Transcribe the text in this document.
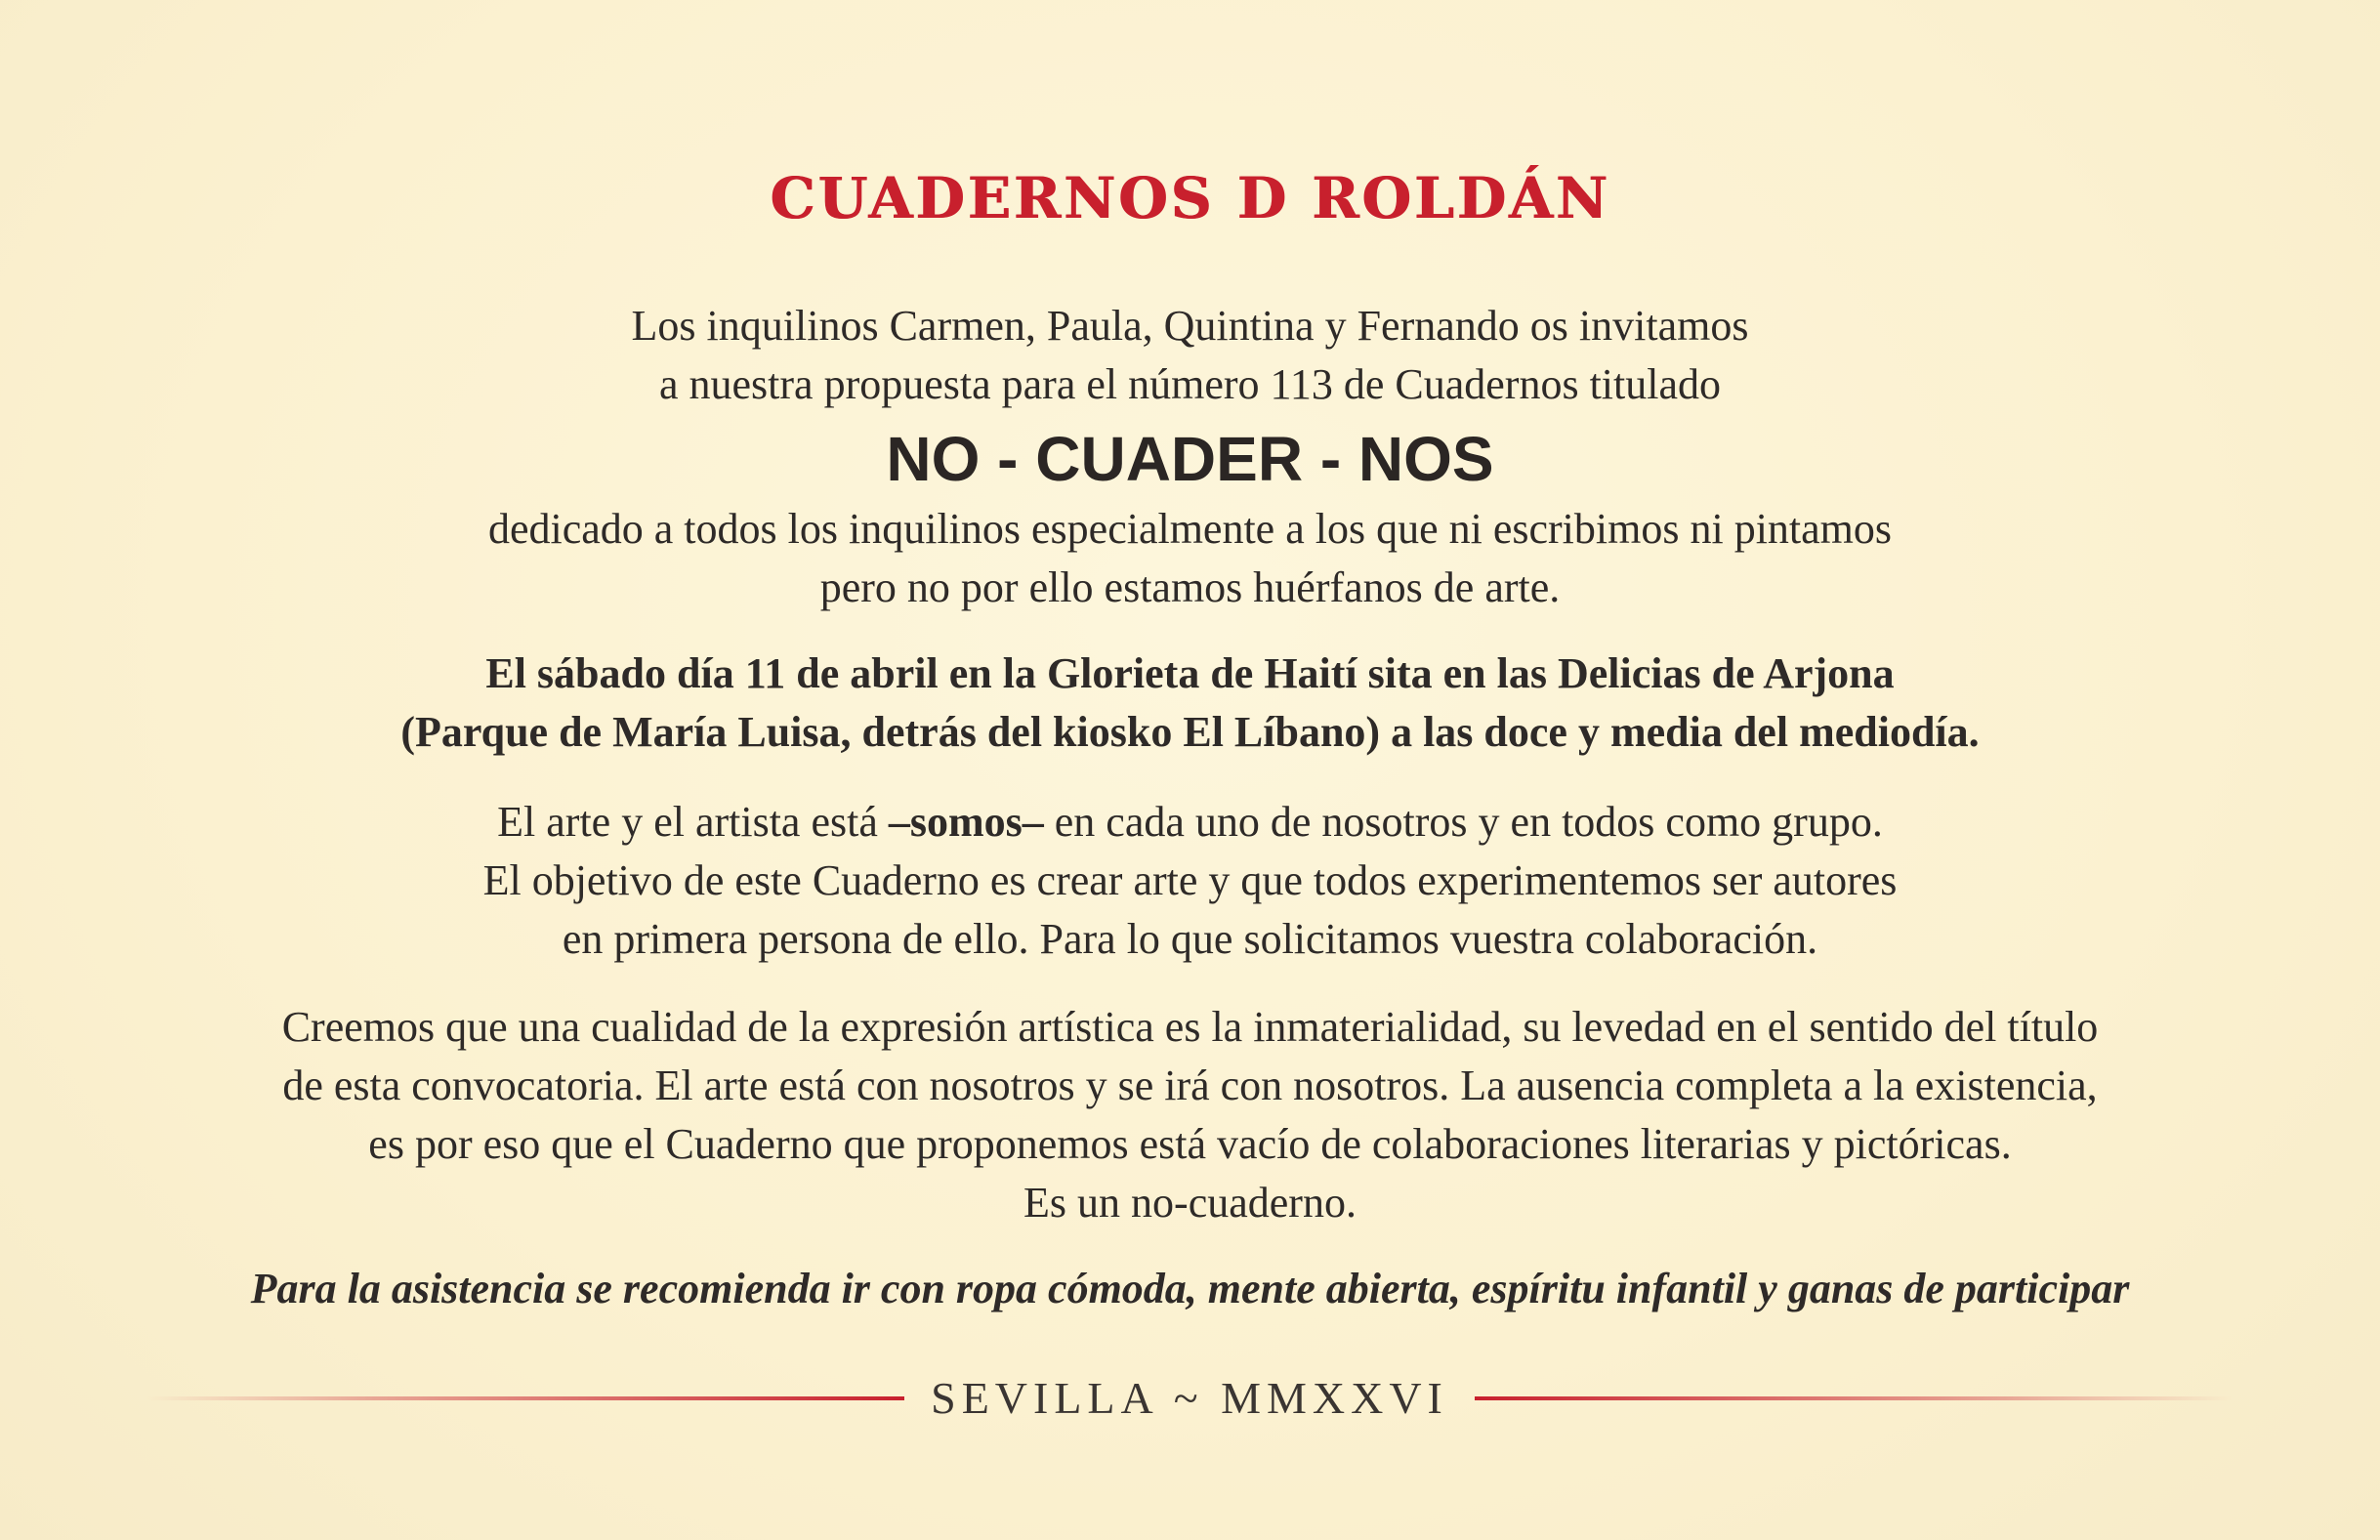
CUADERNOS D ROLDÁN
Los inquilinos Carmen, Paula, Quintina y Fernando os invitamos
a nuestra propuesta para el número 113 de Cuadernos titulado
NO - CUADER - NOS
dedicado a todos los inquilinos especialmente a los que ni escribimos ni pintamos
pero no por ello estamos huérfanos de arte.
El sábado día 11 de abril en la Glorieta de Haití sita en las Delicias de Arjona
(Parque de María Luisa, detrás del kiosko El Líbano) a las doce y media del mediodía.
El arte y el artista está –somos– en cada uno de nosotros y en todos como grupo.
El objetivo de este Cuaderno es crear arte y que todos experimentemos ser autores
en primera persona de ello. Para lo que solicitamos vuestra colaboración.
Creemos que una cualidad de la expresión artística es la inmaterialidad, su levedad en el sentido del título
de esta convocatoria. El arte está con nosotros y se irá con nosotros. La ausencia completa a la existencia,
es por eso que el Cuaderno que proponemos está vacío de colaboraciones literarias y pictóricas.
Es un no-cuaderno.
Para la asistencia se recomienda ir con ropa cómoda, mente abierta, espíritu infantil y ganas de participar
SEVILLA ~ MMXXVI
